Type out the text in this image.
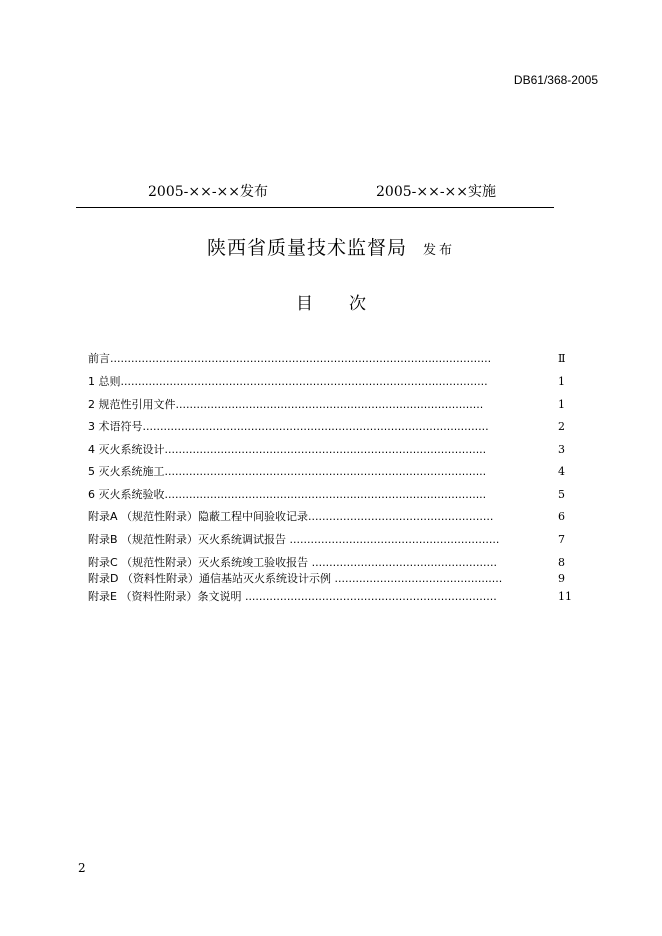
DB61/368-2005
2005-××-××发布	2005-××-××实施
陕西省质量技术监督局 发布
目次
前言.............................................................................................................	Ⅱ
1 总则.........................................................................................................	1
2 规范性引用文件........................................................................................	1
3 术语符号...................................................................................................	2
4 灭火系统设计............................................................................................	3
5 灭火系统施工............................................................................................	4
6 灭火系统验收............................................................................................	5
附录A （规范性附录）隐蔽工程中间验收记录.....................................................	6
附录B （规范性附录）灭火系统调试报告 ............................................................	7
附录C （规范性附录）灭火系统竣工验收报告 .....................................................	8
附录D （资料性附录）通信基站灭火系统设计示例 ................................................	9
附录E （资料性附录）条文说明 ........................................................................	11
2
